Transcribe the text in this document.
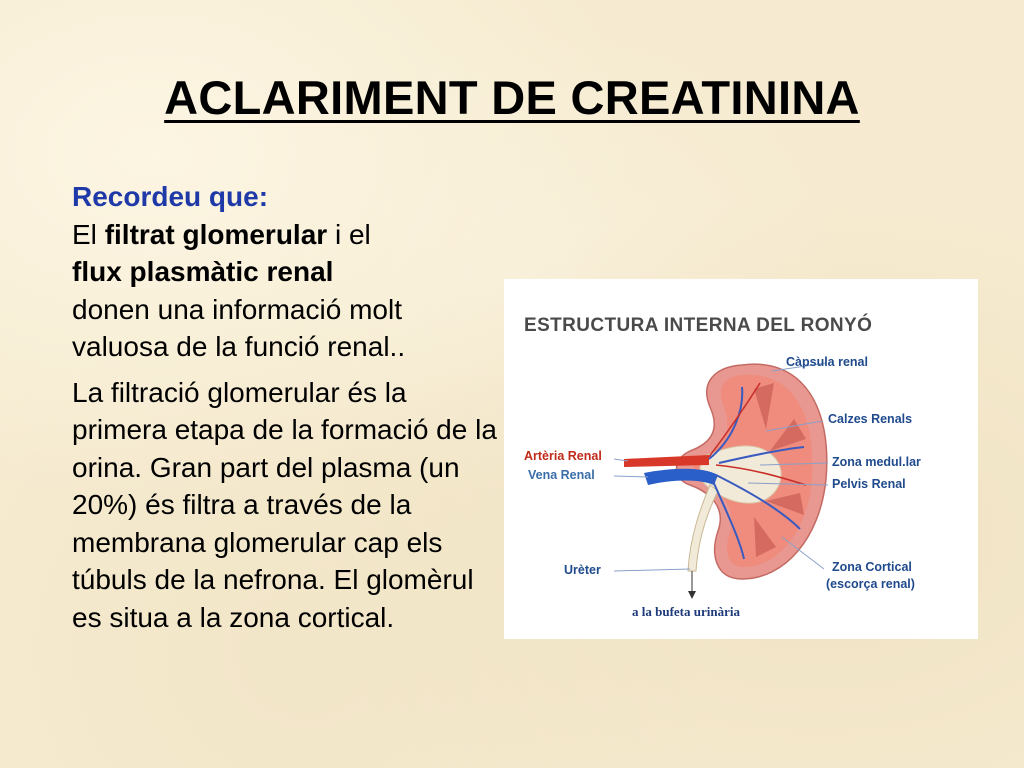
ACLARIMENT DE CREATININA
Recordeu que:
El filtrat glomerular i el
flux plasmàtic renal
donen una informació molt valuosa de la funció renal..
La filtració glomerular és la primera etapa de la formació de la orina. Gran part del plasma (un 20%) és filtra a través de la membrana glomerular cap els túbuls de la nefrona. El glomèrul es situa a la zona cortical.
ESTRUCTURA INTERNA DEL RONYÓ
Càpsula renal
Calzes Renals
Artèria Renal
Vena Renal
Zona medul.lar
Pelvis Renal
Urèter	Zona Cortical
(escorça renal)
a la bufeta urinària
